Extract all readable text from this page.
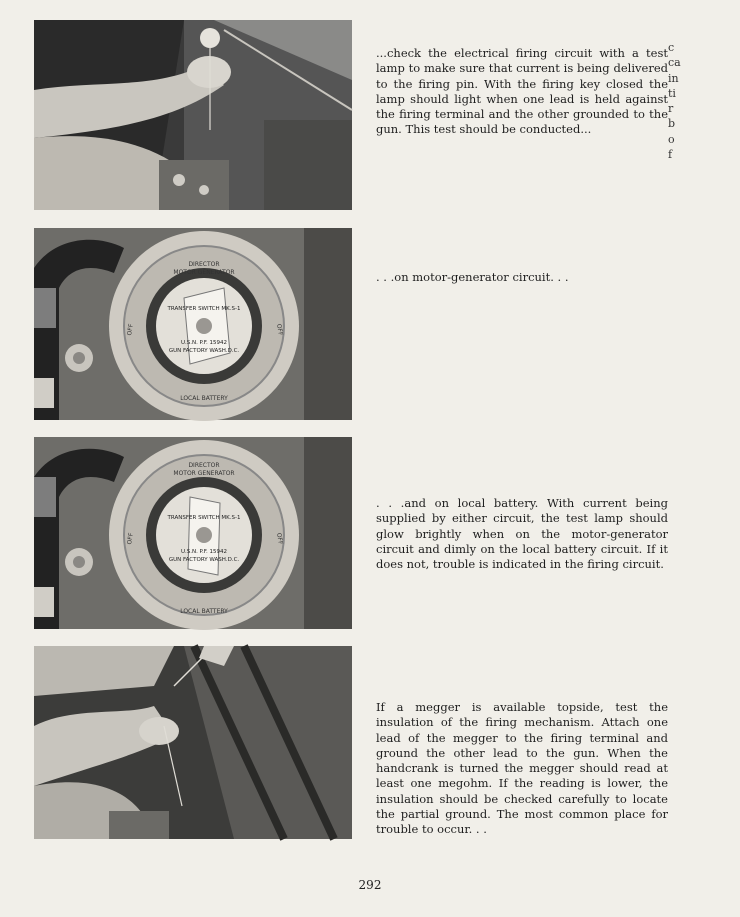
DIRECTOR
MOTOR GENERATOR
OFF	OFF
LOCAL BATTERY
TRANSFER SWITCH MK.S-1
U.S.N. P.F. 15942
GUN FACTORY WASH.D.C.
DIRECTOR
MOTOR GENERATOR
OFF	OFF
LOCAL BATTERY
TRANSFER SWITCH MK.S-1
U.S.N. P.F. 15942
GUN FACTORY WASH.D.C.
...check the electrical firing circuit with a test lamp to make sure that current is being delivered to the firing pin. With the firing key closed the lamp should light when one lead is held against the firing terminal and the other grounded to the gun. This test should be conducted...
. . .on motor-generator circuit. . .
. . .and on local battery. With current being supplied by either circuit, the test lamp should glow brightly when on the motor-generator circuit and dimly on the local battery circuit. If it does not, trouble is indicated in the firing circuit.
If a megger is available topside, test the insulation of the firing mechanism. Attach one lead of the megger to the firing terminal and ground the other lead to the gun. When the handcrank is turned the megger should read at least one megohm. If the reading is lower, the insulation should be checked carefully to locate the partial ground. The most common place for trouble to occur. . .
c
ca
in
ti
r
b
o
f
292
